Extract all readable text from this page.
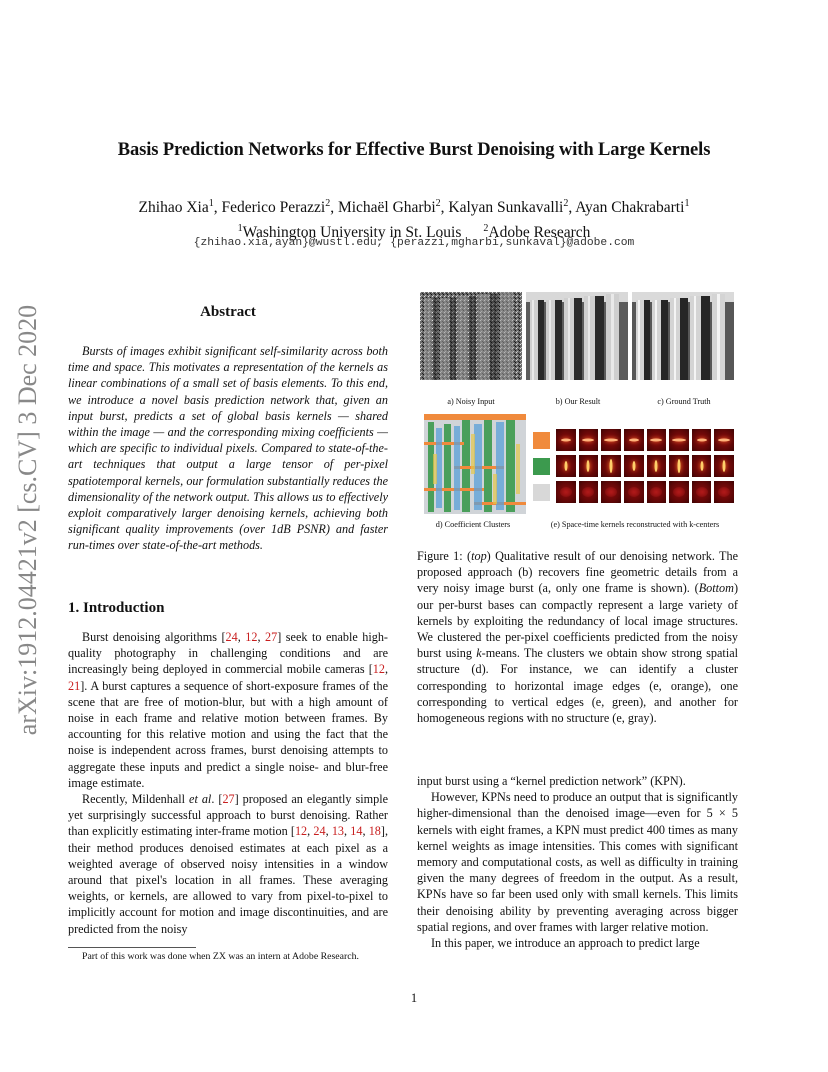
arXiv:1912.04421v2 [cs.CV] 3 Dec 2020
Basis Prediction Networks for Effective Burst Denoising with Large Kernels
Zhihao Xia$^1$, Federico Perazzi$^2$, Michaël Gharbi$^2$, Kalyan Sunkavalli$^2$, Ayan Chakrabarti$^1$
$^1$Washington University in St. Louis $^2$Adobe Research
{zhihao.xia,ayan}@wustl.edu, {perazzi,mgharbi,sunkaval}@adobe.com
Abstract
Bursts of images exhibit significant self-similarity across both time and space. This motivates a representation of the kernels as linear combinations of a small set of basis elements. To this end, we introduce a novel basis prediction network that, given an input burst, predicts a set of global basis kernels — shared within the image — and the corresponding mixing coefficients — which are specific to individual pixels. Compared to state-of-the-art techniques that output a large tensor of per-pixel spatiotemporal kernels, our formulation substantially reduces the dimensionality of the network output. This allows us to effectively exploit comparatively larger denoising kernels, achieving both significant quality improvements (over 1dB PSNR) and faster run-times over state-of-the-art methods.
1. Introduction

Burst denoising algorithms [24, 12, 27] seek to enable high-quality photography in challenging conditions and are increasingly being deployed in commercial mobile cameras [12, 21]. A burst captures a sequence of short-exposure frames of the scene that are free of motion-blur, but with a high amount of noise in each frame and relative motion between frames. By accounting for this relative motion and using the fact that the noise is independent across frames, burst denoising attempts to aggregate these inputs and predict a single noise- and blur-free image estimate.

Recently, Mildenhall et al. [27] proposed an elegantly simple yet surprisingly successful approach to burst denoising. Rather than explicitly estimating inter-frame motion [12, 24, 13, 14, 18], their method produces denoised estimates at each pixel as a weighted average of observed noisy intensities in a window around that pixel's location in all frames. These averaging weights, or kernels, are allowed to vary from pixel-to-pixel to implicitly account for motion and image discontinuities, and are predicted from the noisy

Part of this work was done when ZX was an intern at Adobe Research.
a) Noisy Input	b) Our Result	c) Ground Truth
d) Coefficient Clusters	(e) Space-time kernels reconstructed with k-centers
Figure 1: (top) Qualitative result of our denoising network. The proposed approach (b) recovers fine geometric details from a very noisy image burst (a, only one frame is shown). (Bottom) our per-burst bases can compactly represent a large variety of kernels by exploiting the redundancy of local image structures. We clustered the per-pixel coefficients predicted from the noisy burst using k-means. The clusters we obtain show strong spatial structure (d). For instance, we can identify a cluster corresponding to horizontal image edges (e, orange), one corresponding to vertical edges (e, green), and another for homogeneous regions with no structure (e, gray).

input burst using a “kernel prediction network” (KPN).

However, KPNs need to produce an output that is significantly higher-dimensional than the denoised image—even for 5 × 5 kernels with eight frames, a KPN must predict 400 times as many kernel weights as image intensities. This comes with significant memory and computational costs, as well as difficulty in training given the many degrees of freedom in the output. As a result, KPNs have so far been used only with small kernels. This limits their denoising ability by preventing averaging across bigger spatial regions, and over frames with larger relative motion.

In this paper, we introduce an approach to predict large

1
